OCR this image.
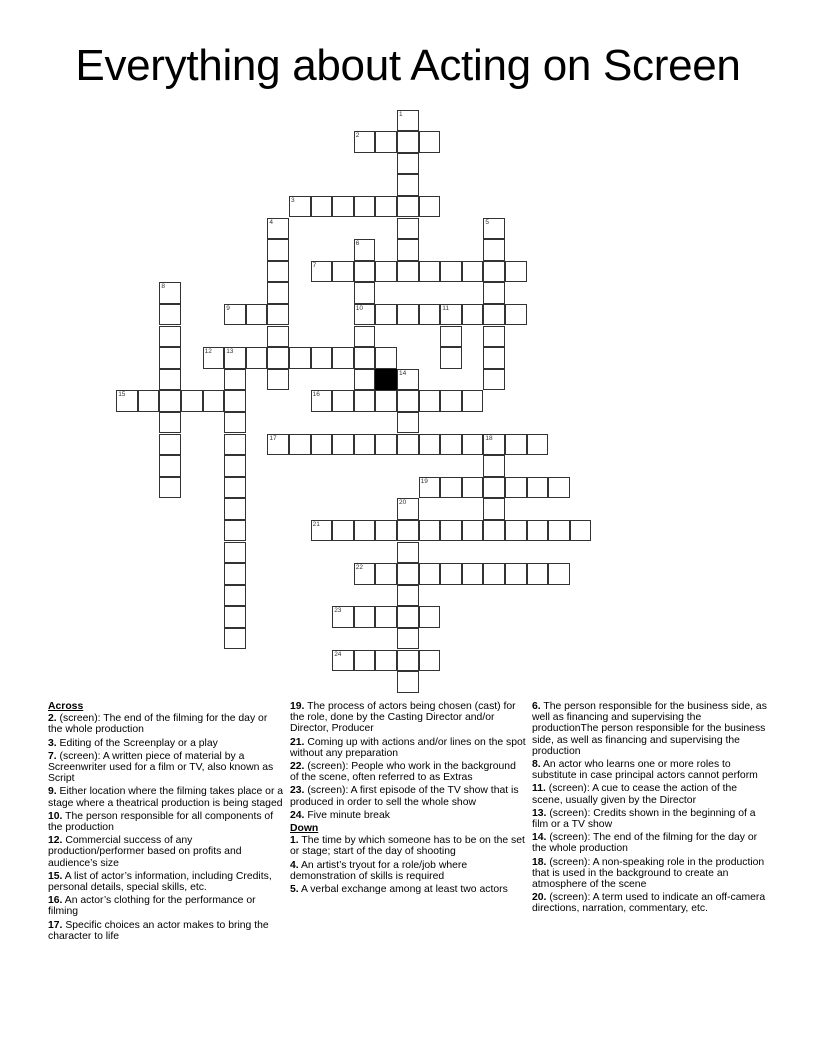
Everything about Acting on Screen
1
2
3
4	5
6
10
7
8
9	11
12 13
14
15	16
17	18
19
20
21
22
23
24
Across
2. (screen): The end of the filming for the day or the whole production
3. Editing of the Screenplay or a play
7. (screen): A written piece of material by a Screenwriter used for a film or TV, also known as Script
9. Either location where the filming takes place or a stage where a theatrical production is being staged
10. The person responsible for all components of the production
12. Commercial success of any production/performer based on profits and audience’s size
15. A list of actor’s information, including Credits, personal details, special skills, etc.
16. An actor’s clothing for the performance or filming
17. Specific choices an actor makes to bring the character to life
19. The process of actors being chosen (cast) for the role, done by the Casting Director and/or Director, Producer
21. Coming up with actions and/or lines on the spot without any preparation
22. (screen): People who work in the background of the scene, often referred to as Extras
23. (screen): A first episode of the TV show that is produced in order to sell the whole show
24. Five minute break
Down
1. The time by which someone has to be on the set or stage; start of the day of shooting
4. An artist’s tryout for a role/job where demonstration of skills is required
5. A verbal exchange among at least two actors
6. The person responsible for the business side, as well as financing and supervising the productionThe person responsible for the business side, as well as financing and supervising the production
8. An actor who learns one or more roles to substitute in case principal actors cannot perform
11. (screen): A cue to cease the action of the scene, usually given by the Director
13. (screen): Credits shown in the beginning of a film or a TV show
14. (screen): The end of the filming for the day or the whole production
18. (screen): A non-speaking role in the production that is used in the background to create an atmosphere of the scene
20. (screen): A term used to indicate an off-camera directions, narration, commentary, etc.
